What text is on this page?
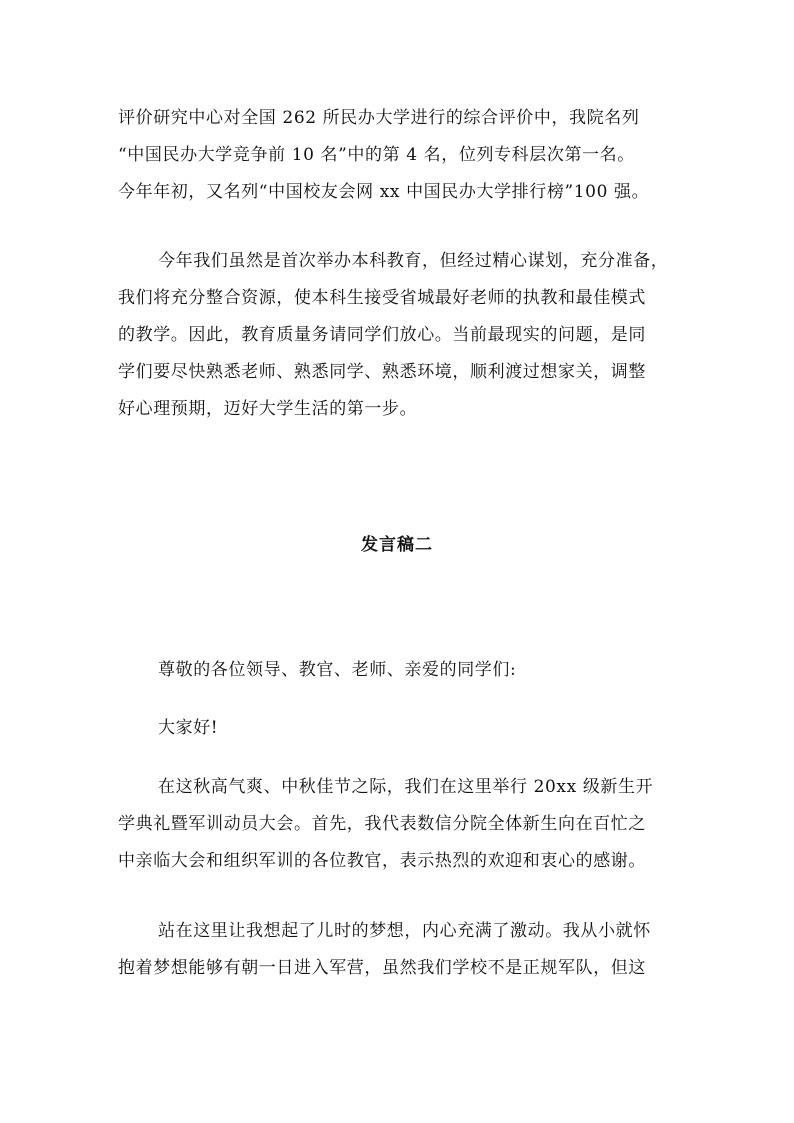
评价研究中心对全国 262 所民办大学进行的综合评价中，我院名列
“中国民办大学竞争前 10 名”中的第 4 名，位列专科层次第一名。
今年年初，又名列“中国校友会网 xx 中国民办大学排行榜”100 强。
今年我们虽然是首次举办本科教育，但经过精心谋划，充分准备，
我们将充分整合资源，使本科生接受省城最好老师的执教和最佳模式
的教学。因此，教育质量务请同学们放心。当前最现实的问题，是同
学们要尽快熟悉老师、熟悉同学、熟悉环境，顺利渡过想家关，调整
好心理预期，迈好大学生活的第一步。
发言稿二
尊敬的各位领导、教官、老师、亲爱的同学们:
大家好!
在这秋高气爽、中秋佳节之际，我们在这里举行 20xx 级新生开
学典礼暨军训动员大会。首先，我代表数信分院全体新生向在百忙之
中亲临大会和组织军训的各位教官，表示热烈的欢迎和衷心的感谢。
站在这里让我想起了儿时的梦想，内心充满了激动。我从小就怀
抱着梦想能够有朝一日进入军营，虽然我们学校不是正规军队，但这
